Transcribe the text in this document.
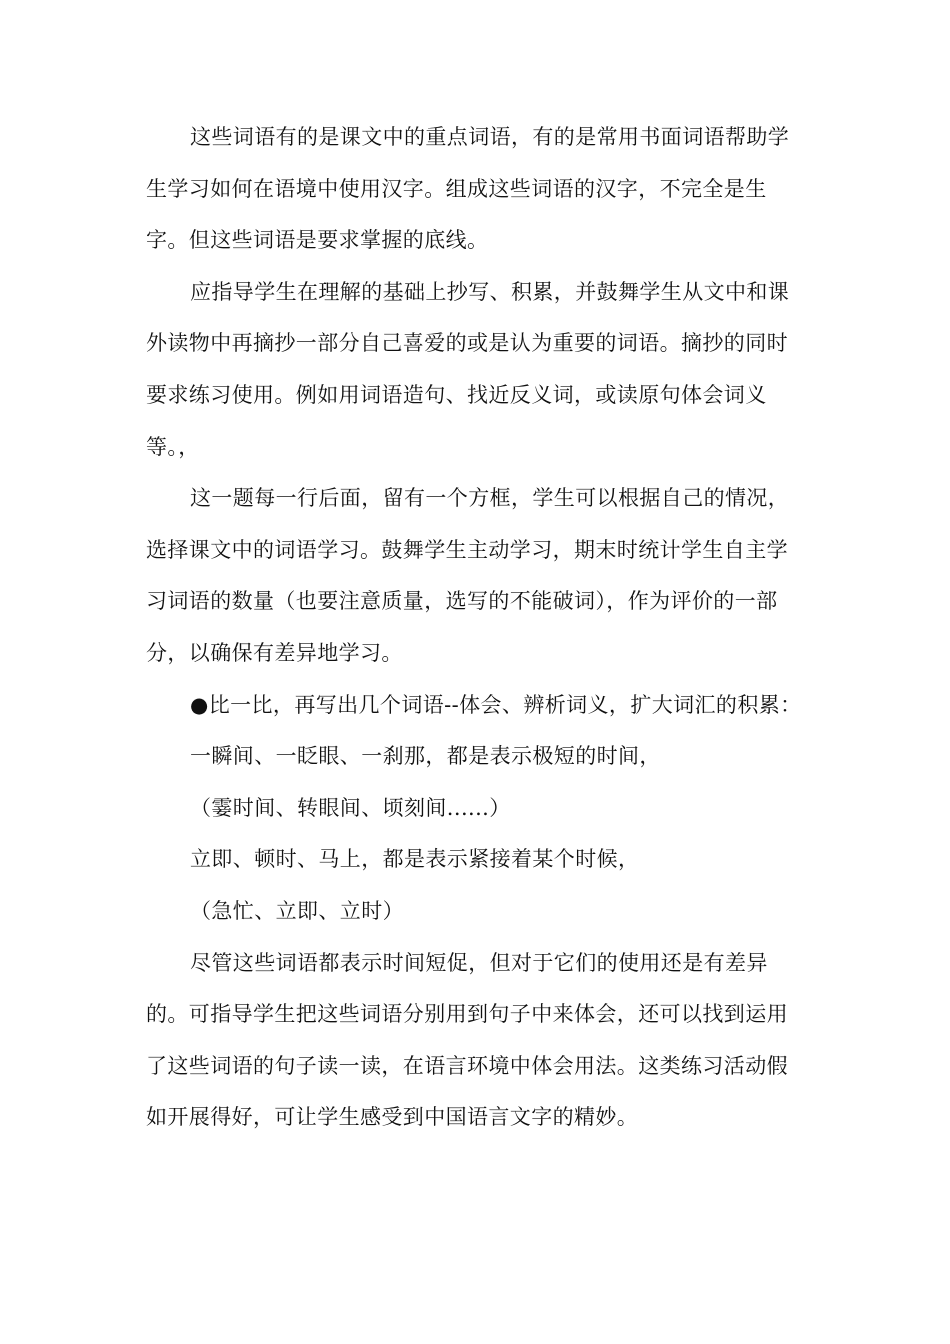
这些词语有的是课文中的重点词语，有的是常用书面词语帮助学生学习如何在语境中使用汉字。组成这些词语的汉字，不完全是生字。但这些词语是要求掌握的底线。

应指导学生在理解的基础上抄写、积累，并鼓舞学生从文中和课外读物中再摘抄一部分自己喜爱的或是认为重要的词语。摘抄的同时要求练习使用。例如用词语造句、找近反义词，或读原句体会词义等。，

这一题每一行后面，留有一个方框，学生可以根据自己的情况，选择课文中的词语学习。鼓舞学生主动学习，期末时统计学生自主学习词语的数量（也要注意质量，选写的不能破词），作为评价的一部分，以确保有差异地学习。

●比一比，再写出几个词语--体会、辨析词义，扩大词汇的积累：

一瞬间、一眨眼、一刹那，都是表示极短的时间，

（霎时间、转眼间、顷刻间......）

立即、顿时、马上，都是表示紧接着某个时候，

（急忙、立即、立时）

尽管这些词语都表示时间短促，但对于它们的使用还是有差异的。可指导学生把这些词语分别用到句子中来体会，还可以找到运用了这些词语的句子读一读，在语言环境中体会用法。这类练习活动假如开展得好，可让学生感受到中国语言文字的精妙。
